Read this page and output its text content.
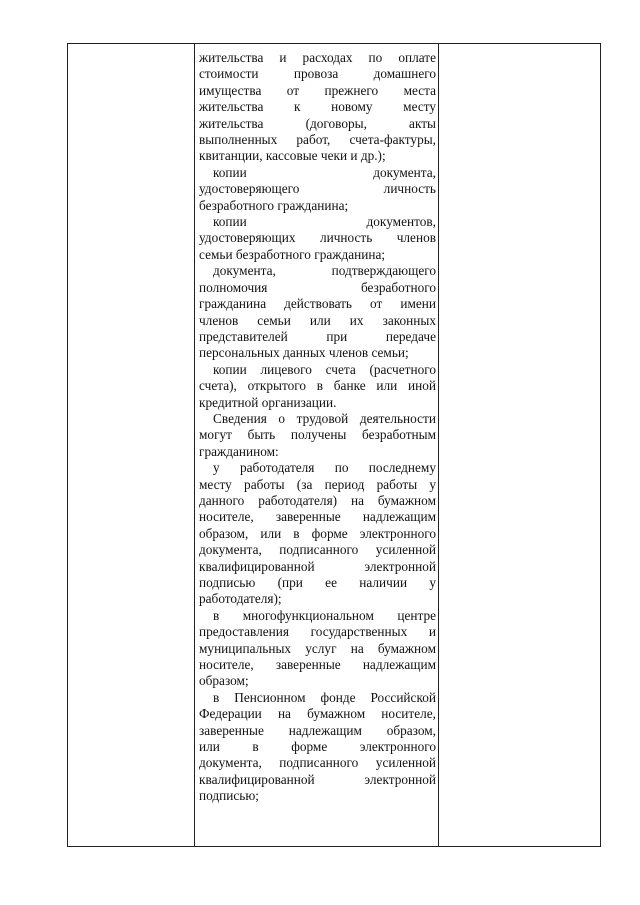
жительства и расходах по оплате
стоимости провоза домашнего
имущества от прежнего места
жительства к новому месту
жительства (договоры, акты
выполненных работ, счета-фактуры,
квитанции, кассовые чеки и др.);
копии документа,
удостоверяющего личность
безработного гражданина;
копии документов,
удостоверяющих личность членов
семьи безработного гражданина;
документа, подтверждающего
полномочия безработного
гражданина действовать от имени
членов семьи или их законных
представителей при передаче
персональных данных членов семьи;
копии лицевого счета (расчетного
счета), открытого в банке или иной
кредитной организации.
Сведения о трудовой деятельности
могут быть получены безработным
гражданином:
у работодателя по последнему
месту работы (за период работы у
данного работодателя) на бумажном
носителе, заверенные надлежащим
образом, или в форме электронного
документа, подписанного усиленной
квалифицированной электронной
подписью (при ее наличии у
работодателя);
в многофункциональном центре
предоставления государственных и
муниципальных услуг на бумажном
носителе, заверенные надлежащим
образом;
в Пенсионном фонде Российской
Федерации на бумажном носителе,
заверенные надлежащим образом,
или в форме электронного
документа, подписанного усиленной
квалифицированной электронной
подписью;
